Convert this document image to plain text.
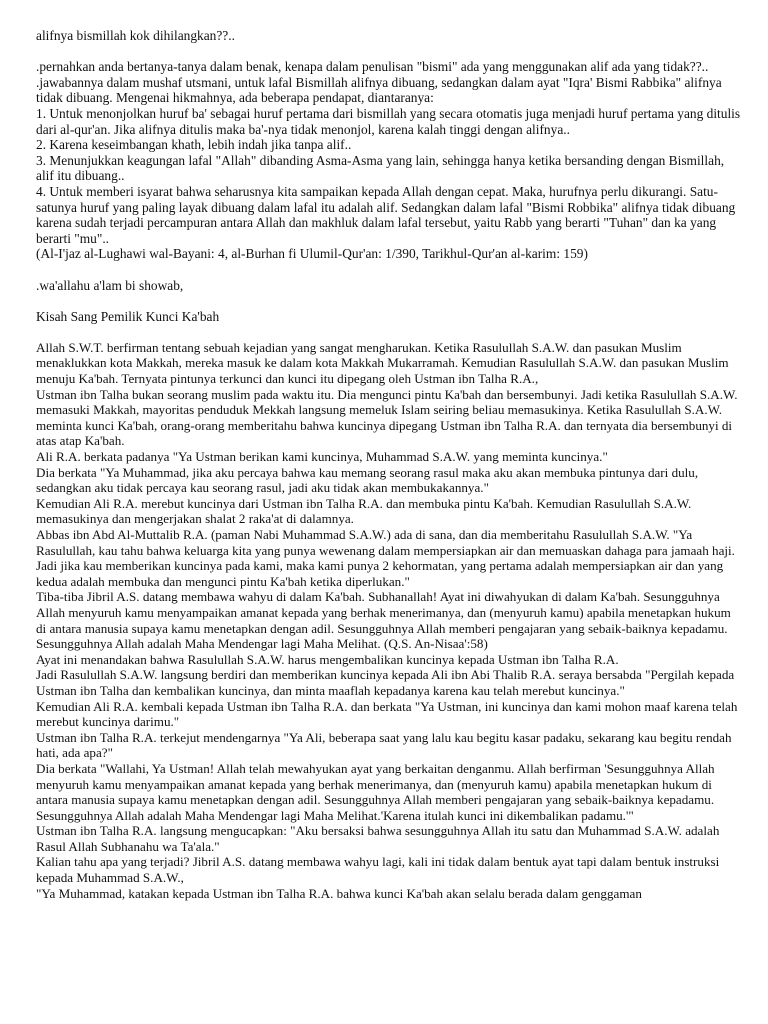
alifnya bismillah kok dihilangkan??..

.pernahkan anda bertanya-tanya dalam benak, kenapa dalam penulisan "bismi" ada yang menggunakan alif ada yang tidak??..

.jawabannya dalam mushaf utsmani, untuk lafal Bismillah alifnya dibuang, sedangkan dalam ayat "Iqra' Bismi Rabbika" alifnya tidak dibuang. Mengenai hikmahnya, ada beberapa pendapat, diantaranya:

1. Untuk menonjolkan huruf ba' sebagai huruf pertama dari bismillah yang secara otomatis juga menjadi huruf pertama yang ditulis dari al-qur'an. Jika alifnya ditulis maka ba'-nya tidak menonjol, karena kalah tinggi dengan alifnya..

2. Karena keseimbangan khath, lebih indah jika tanpa alif..

3. Menunjukkan keagungan lafal "Allah" dibanding Asma-Asma yang lain, sehingga hanya ketika bersanding dengan Bismillah, alif itu dibuang..

4. Untuk memberi isyarat bahwa seharusnya kita sampaikan kepada Allah dengan cepat. Maka, hurufnya perlu dikurangi. Satu-satunya huruf yang paling layak dibuang dalam lafal itu adalah alif. Sedangkan dalam lafal "Bismi Robbika" alifnya tidak dibuang karena sudah terjadi percampuran antara Allah dan makhluk dalam lafal tersebut, yaitu Rabb yang berarti "Tuhan" dan ka yang berarti "mu"..

(Al-I'jaz al-Lughawi wal-Bayani: 4, al-Burhan fi Ulumil-Qur'an: 1/390, Tarikhul-Qur'an al-karim: 159)

.wa'allahu a'lam bi showab,

Kisah Sang Pemilik Kunci Ka'bah

Allah S.W.T. berfirman tentang sebuah kejadian yang sangat mengharukan. Ketika Rasulullah S.A.W. dan pasukan Muslim menaklukkan kota Makkah, mereka masuk ke dalam kota Makkah Mukarramah. Kemudian Rasulullah S.A.W. dan pasukan Muslim menuju Ka'bah. Ternyata pintunya terkunci dan kunci itu dipegang oleh Ustman ibn Talha R.A.,

Ustman ibn Talha bukan seorang muslim pada waktu itu. Dia mengunci pintu Ka'bah dan bersembunyi. Jadi ketika Rasulullah S.A.W. memasuki Makkah, mayoritas penduduk Mekkah langsung memeluk Islam seiring beliau memasukinya. Ketika Rasulullah S.A.W. meminta kunci Ka'bah, orang-orang memberitahu bahwa kuncinya dipegang Ustman ibn Talha R.A. dan ternyata dia bersembunyi di atas atap Ka'bah.

Ali R.A. berkata padanya "Ya Ustman berikan kami kuncinya, Muhammad S.A.W. yang meminta kuncinya."

Dia berkata "Ya Muhammad, jika aku percaya bahwa kau memang seorang rasul maka aku akan membuka pintunya dari dulu, sedangkan aku tidak percaya kau seorang rasul, jadi aku tidak akan membukakannya."

Kemudian Ali R.A. merebut kuncinya dari Ustman ibn Talha R.A. dan membuka pintu Ka'bah. Kemudian Rasulullah S.A.W. memasukinya dan mengerjakan shalat 2 raka'at di dalamnya.

Abbas ibn Abd Al-Muttalib R.A. (paman Nabi Muhammad S.A.W.) ada di sana, dan dia memberitahu Rasulullah S.A.W. "Ya Rasulullah, kau tahu bahwa keluarga kita yang punya wewenang dalam mempersiapkan air dan memuaskan dahaga para jamaah haji. Jadi jika kau memberikan kuncinya pada kami, maka kami punya 2 kehormatan, yang pertama adalah mempersiapkan air dan yang kedua adalah membuka dan mengunci pintu Ka'bah ketika diperlukan."

Tiba-tiba Jibril A.S. datang membawa wahyu di dalam Ka'bah. Subhanallah! Ayat ini diwahyukan di dalam Ka'bah. Sesungguhnya Allah menyuruh kamu menyampaikan amanat kepada yang berhak menerimanya, dan (menyuruh kamu) apabila menetapkan hukum di antara manusia supaya kamu menetapkan dengan adil. Sesungguhnya Allah memberi pengajaran yang sebaik-baiknya kepadamu. Sesungguhnya Allah adalah Maha Mendengar lagi Maha Melihat. (Q.S. An-Nisaa':58)

Ayat ini menandakan bahwa Rasulullah S.A.W. harus mengembalikan kuncinya kepada Ustman ibn Talha R.A.

Jadi Rasulullah S.A.W. langsung berdiri dan memberikan kuncinya kepada Ali ibn Abi Thalib R.A. seraya bersabda "Pergilah kepada Ustman ibn Talha dan kembalikan kuncinya, dan minta maaflah kepadanya karena kau telah merebut kuncinya."

Kemudian Ali R.A. kembali kepada Ustman ibn Talha R.A. dan berkata "Ya Ustman, ini kuncinya dan kami mohon maaf karena telah merebut kuncinya darimu."

Ustman ibn Talha R.A. terkejut mendengarnya "Ya Ali, beberapa saat yang lalu kau begitu kasar padaku, sekarang kau begitu rendah hati, ada apa?"

Dia berkata "Wallahi, Ya Ustman! Allah telah mewahyukan ayat yang berkaitan denganmu. Allah berfirman 'Sesungguhnya Allah menyuruh kamu menyampaikan amanat kepada yang berhak menerimanya, dan (menyuruh kamu) apabila menetapkan hukum di antara manusia supaya kamu menetapkan dengan adil. Sesungguhnya Allah memberi pengajaran yang sebaik-baiknya kepadamu. Sesungguhnya Allah adalah Maha Mendengar lagi Maha Melihat.'Karena itulah kunci ini dikembalikan padamu.'"

Ustman ibn Talha R.A. langsung mengucapkan: "Aku bersaksi bahwa sesungguhnya Allah itu satu dan Muhammad S.A.W. adalah Rasul Allah Subhanahu wa Ta'ala."

Kalian tahu apa yang terjadi? Jibril A.S. datang membawa wahyu lagi, kali ini tidak dalam bentuk ayat tapi dalam bentuk instruksi kepada Muhammad S.A.W.,

"Ya Muhammad, katakan kepada Ustman ibn Talha R.A. bahwa kunci Ka'bah akan selalu berada dalam genggaman
